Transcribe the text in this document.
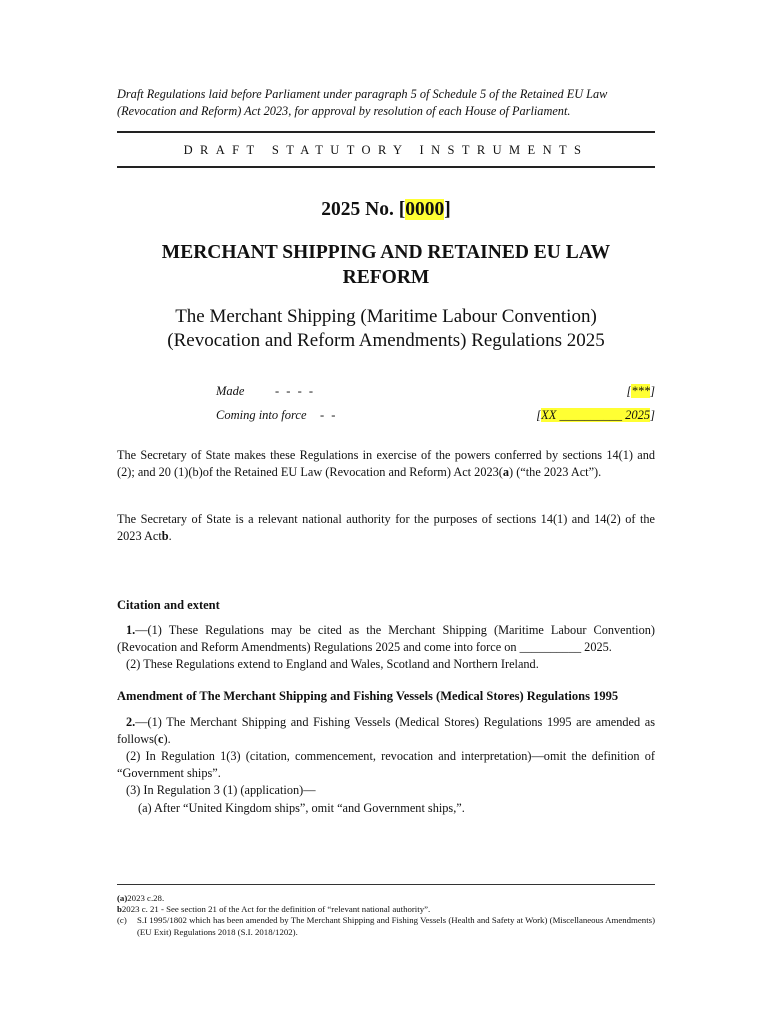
Draft Regulations laid before Parliament under paragraph 5 of Schedule 5 of the Retained EU Law (Revocation and Reform) Act 2023, for approval by resolution of each House of Parliament.
DRAFT STATUTORY INSTRUMENTS
2025 No. [0000]
MERCHANT SHIPPING AND RETAINED EU LAW
REFORM
The Merchant Shipping (Maritime Labour Convention)
(Revocation and Reform Amendments) Regulations 2025
Made - - - -	[***]
Coming into force - -	[XX __________ 2025]
The Secretary of State makes these Regulations in exercise of the powers conferred by sections 14(1) and (2); and 20 (1)(b)of the Retained EU Law (Revocation and Reform) Act 2023(a) (“the 2023 Act”).
The Secretary of State is a relevant national authority for the purposes of sections 14(1) and 14(2) of the 2023 Actb.
Citation and extent
1.—(1) These Regulations may be cited as the Merchant Shipping (Maritime Labour Convention) (Revocation and Reform Amendments) Regulations 2025 and come into force on __________ 2025.
(2) These Regulations extend to England and Wales, Scotland and Northern Ireland.
Amendment of The Merchant Shipping and Fishing Vessels (Medical Stores) Regulations 1995
2.—(1) The Merchant Shipping and Fishing Vessels (Medical Stores) Regulations 1995 are amended as follows(c).
(2) In Regulation 1(3) (citation, commencement, revocation and interpretation)—omit the definition of “Government ships”.
(3) In Regulation 3 (1) (application)—
(a) After “United Kingdom ships”, omit “and Government ships,”.
(a) 2023 c.28.
b 2023 c. 21 - See section 21 of the Act for the definition of “relevant national authority”.
(c)	S.I 1995/1802 which has been amended by The Merchant Shipping and Fishing Vessels (Health and Safety at Work) (Miscellaneous Amendments) (EU Exit) Regulations 2018 (S.I. 2018/1202).
